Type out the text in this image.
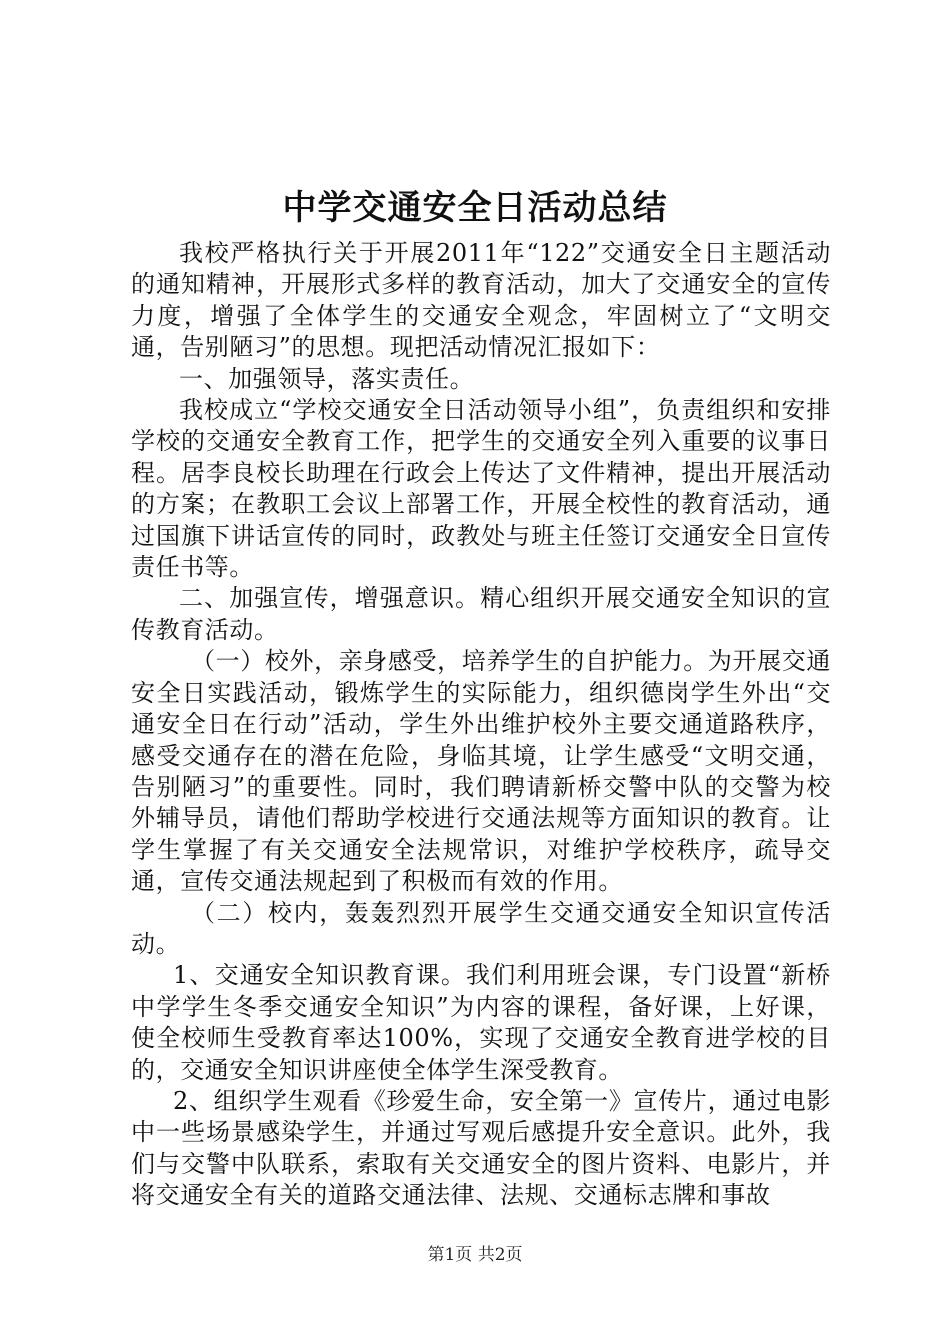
中学交通安全日活动总结

我校严格执行关于开展2011年“122”交通安全日主题活动的通知精神，开展形式多样的教育活动，加大了交通安全的宣传力度，增强了全体学生的交通安全观念，牢固树立了“文明交通，告别陋习”的思想。现把活动情况汇报如下：

一、加强领导，落实责任。

我校成立“学校交通安全日活动领导小组”，负责组织和安排学校的交通安全教育工作，把学生的交通安全列入重要的议事日程。居李良校长助理在行政会上传达了文件精神，提出开展活动的方案；在教职工会议上部署工作，开展全校性的教育活动，通过国旗下讲话宣传的同时，政教处与班主任签订交通安全日宣传责任书等。

二、加强宣传，增强意识。精心组织开展交通安全知识的宣传教育活动。

（一）校外，亲身感受，培养学生的自护能力。为开展交通安全日实践活动，锻炼学生的实际能力，组织德岗学生外出“交通安全日在行动”活动，学生外出维护校外主要交通道路秩序，感受交通存在的潜在危险，身临其境，让学生感受“文明交通，告别陋习”的重要性。同时，我们聘请新桥交警中队的交警为校外辅导员，请他们帮助学校进行交通法规等方面知识的教育。让学生掌握了有关交通安全法规常识，对维护学校秩序，疏导交通，宣传交通法规起到了积极而有效的作用。

（二）校内，轰轰烈烈开展学生交通交通安全知识宣传活动。

1、交通安全知识教育课。我们利用班会课，专门设置“新桥中学学生冬季交通安全知识”为内容的课程，备好课，上好课，使全校师生受教育率达100%，实现了交通安全教育进学校的目的，交通安全知识讲座使全体学生深受教育。

2、组织学生观看《珍爱生命，安全第一》宣传片，通过电影中一些场景感染学生，并通过写观后感提升安全意识。此外，我们与交警中队联系，索取有关交通安全的图片资料、电影片，并将交通安全有关的道路交通法律、法规、交通标志牌和事故

第1页 共2页
